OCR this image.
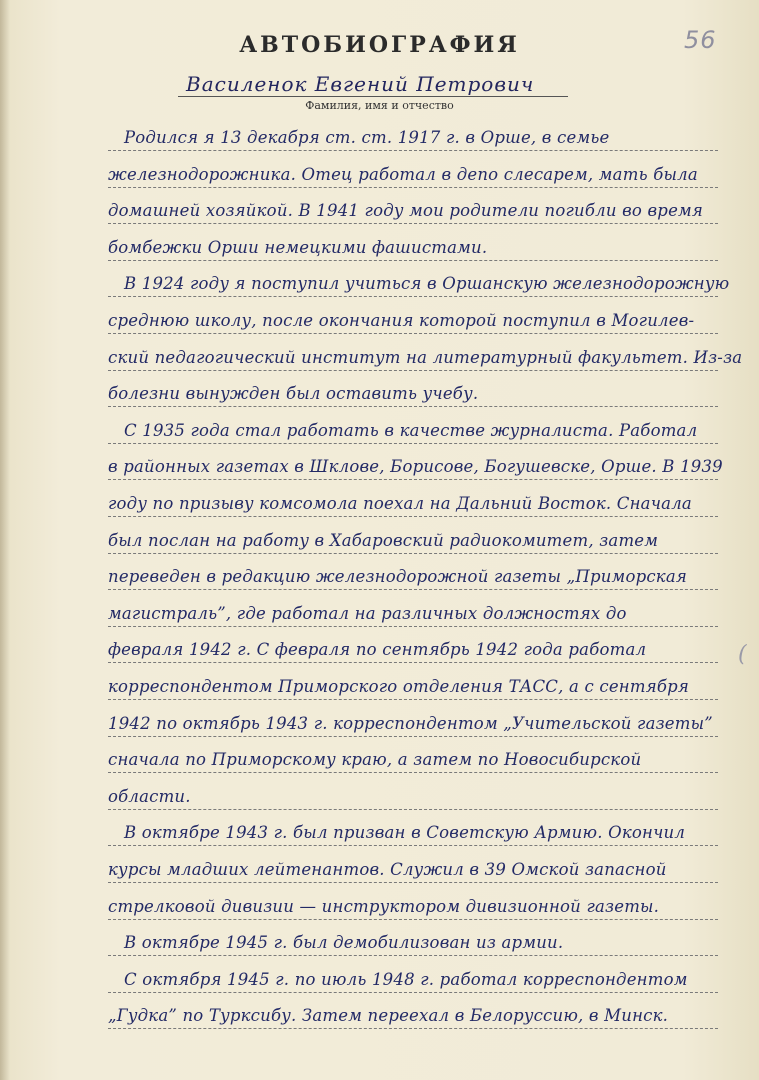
56
АВТОБИОГРАФИЯ
Василенок Евгений Петрович
Фамилия, имя и отчество
(
Родился я 13 декабря ст. ст. 1917 г. в Орше, в семье
железнодорожника. Отец работал в депо слесарем, мать была
домашней хозяйкой. В 1941 году мои родители погибли во время
бомбежки Орши немецкими фашистами.
В 1924 году я поступил учиться в Оршанскую железнодорожную
среднюю школу, после окончания которой поступил в Могилев-
ский педагогический институт на литературный факультет. Из-за
болезни вынужден был оставить учебу.
С 1935 года стал работать в качестве журналиста. Работал
в районных газетах в Шклове, Борисове, Богушевске, Орше. В 1939
году по призыву комсомола поехал на Дальний Восток. Сначала
был послан на работу в Хабаровский радиокомитет, затем
переведен в редакцию железнодорожной газеты „Приморская
магистраль”, где работал на различных должностях до
февраля 1942 г. С февраля по сентябрь 1942 года работал
корреспондентом Приморского отделения ТАСС, а с сентября
1942 по октябрь 1943 г. корреспондентом „Учительской газеты”
сначала по Приморскому краю, а затем по Новосибирской
области.
В октябре 1943 г. был призван в Советскую Армию. Окончил
курсы младших лейтенантов. Служил в 39 Омской запасной
стрелковой дивизии — инструктором дивизионной газеты.
В октябре 1945 г. был демобилизован из армии.
С октября 1945 г. по июль 1948 г. работал корреспондентом
„Гудка” по Турксибу. Затем переехал в Белоруссию, в Минск.
